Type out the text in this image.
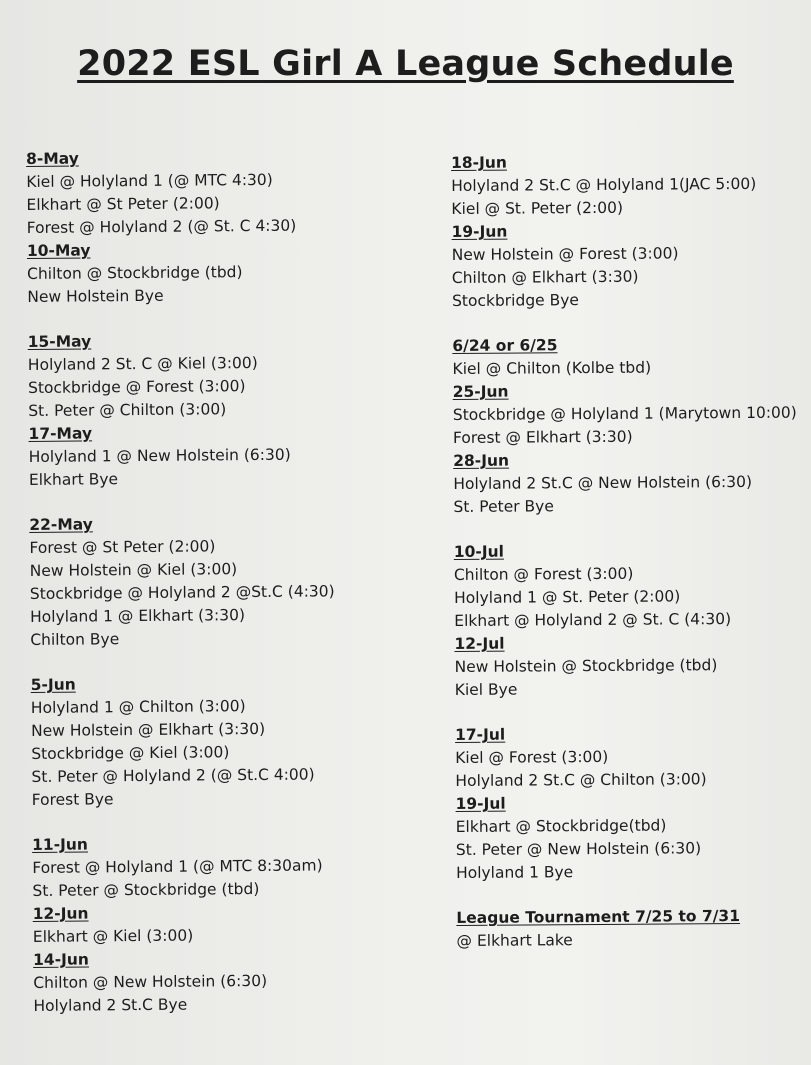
2022 ESL Girl A League Schedule
8-May
Kiel @ Holyland 1 (@ MTC 4:30)
Elkhart @ St Peter (2:00)
Forest @ Holyland 2 (@ St. C 4:30)
10-May
Chilton @ Stockbridge (tbd)
New Holstein Bye
15-May
Holyland 2 St. C @ Kiel (3:00)
Stockbridge @ Forest (3:00)
St. Peter @ Chilton (3:00)
17-May
Holyland 1 @ New Holstein (6:30)
Elkhart Bye
22-May
Forest @ St Peter (2:00)
New Holstein @ Kiel (3:00)
Stockbridge @ Holyland 2 @St.C (4:30)
Holyland 1 @ Elkhart (3:30)
Chilton Bye
5-Jun
Holyland 1 @ Chilton (3:00)
New Holstein @ Elkhart (3:30)
Stockbridge @ Kiel (3:00)
St. Peter @ Holyland 2 (@ St.C 4:00)
Forest Bye
11-Jun
Forest @ Holyland 1 (@ MTC 8:30am)
St. Peter @ Stockbridge (tbd)
12-Jun
Elkhart @ Kiel (3:00)
14-Jun
Chilton @ New Holstein (6:30)
Holyland 2 St.C Bye
18-Jun
Holyland 2 St.C @ Holyland 1(JAC 5:00)
Kiel @ St. Peter (2:00)
19-Jun
New Holstein @ Forest (3:00)
Chilton @ Elkhart (3:30)
Stockbridge Bye
6/24 or 6/25
Kiel @ Chilton (Kolbe tbd)
25-Jun
Stockbridge @ Holyland 1 (Marytown 10:00)
Forest @ Elkhart (3:30)
28-Jun
Holyland 2 St.C @ New Holstein (6:30)
St. Peter Bye
10-Jul
Chilton @ Forest (3:00)
Holyland 1 @ St. Peter (2:00)
Elkhart @ Holyland 2 @ St. C (4:30)
12-Jul
New Holstein @ Stockbridge (tbd)
Kiel Bye
17-Jul
Kiel @ Forest (3:00)
Holyland 2 St.C @ Chilton (3:00)
19-Jul
Elkhart @ Stockbridge(tbd)
St. Peter @ New Holstein (6:30)
Holyland 1 Bye
League Tournament 7/25 to 7/31
@ Elkhart Lake
